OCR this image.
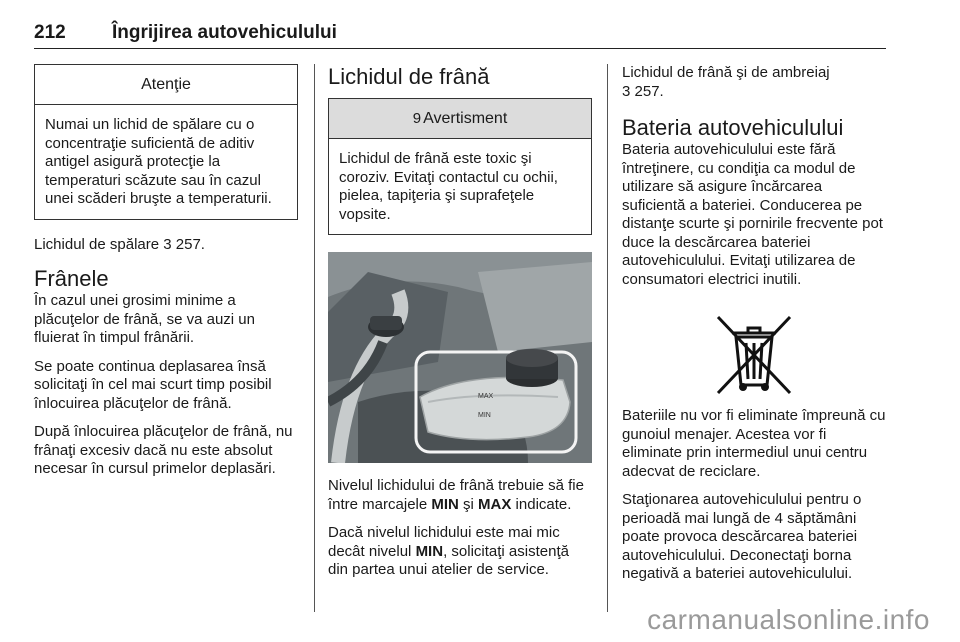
212 Îngrijirea autovehiculului
Atenţie
Numai un lichid de spălare cu o concentraţie suficientă de aditiv antigel asigură protecţie la temperaturi scăzute sau în cazul unei scăderi bruşte a temperaturii.

Lichidul de spălare 3 257.

Frânele

În cazul unei grosimi minime a plăcuţelor de frână, se va auzi un fluierat în timpul frânării.

Se poate continua deplasarea însă solicitaţi în cel mai scurt timp posibil înlocuirea plăcuţelor de frână.

După înlocuirea plăcuţelor de frână, nu frânaţi excesiv dacă nu este absolut necesar în cursul primelor deplasări.

Lichidul de frână
9 Avertisment
Lichidul de frână este toxic şi coroziv. Evitaţi contactul cu ochii, pielea, tapiţeria şi suprafeţele vopsite.
MAX
MIN

Nivelul lichidului de frână trebuie să fie între marcajele MIN şi MAX indicate.

Dacă nivelul lichidului este mai mic decât nivelul MIN, solicitaţi asistenţă din partea unui atelier de service.

Lichidul de frână şi de ambreiaj
3 257.

Bateria autovehiculului

Bateria autovehiculului este fără întreţinere, cu condiţia ca modul de utilizare să asigure încărcarea suficientă a bateriei. Conducerea pe distanţe scurte şi pornirile frecvente pot duce la descărcarea bateriei autovehiculului. Evitaţi utilizarea de consumatori electrici inutili.

Bateriile nu vor fi eliminate împreună cu gunoiul menajer. Acestea vor fi eliminate prin intermediul unui centru adecvat de reciclare.

Staţionarea autovehiculului pentru o perioadă mai lungă de 4 săptămâni poate provoca descărcarea bateriei autovehiculului. Deconectaţi borna negativă a bateriei autovehiculului.

carmanualsonline.info
